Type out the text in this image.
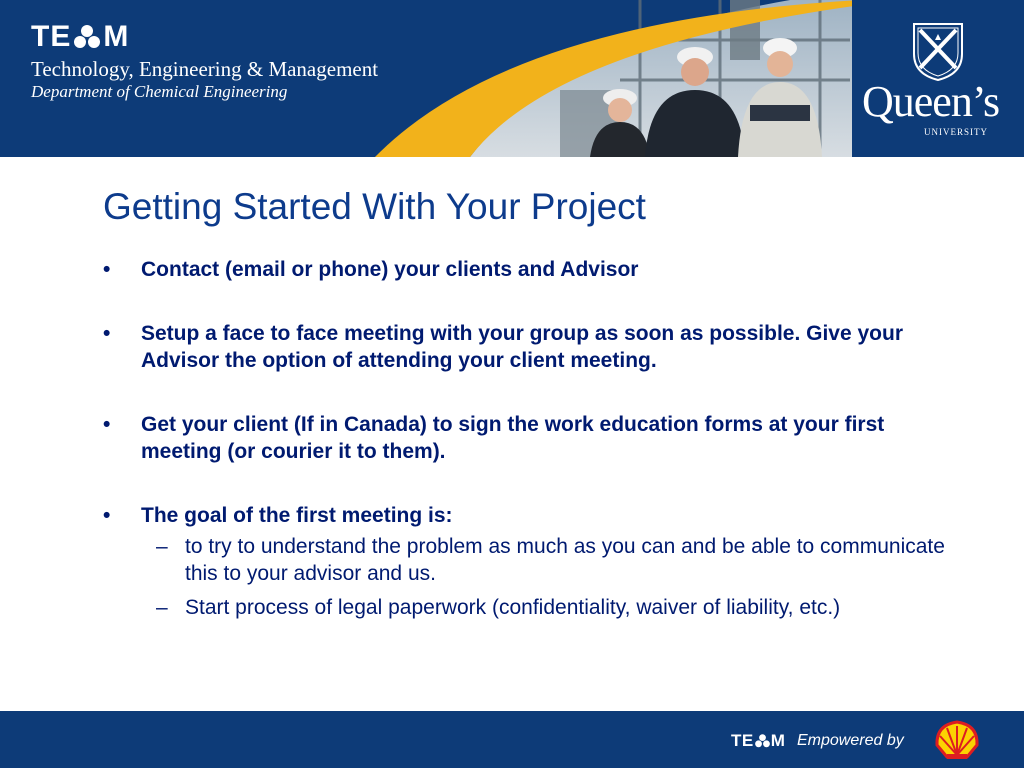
TE M
Technology, Engineering & Management
Department of Chemical Engineering	Queen’s
UNIVERSITY
Getting Started With Your Project
• Contact (email or phone) your clients and Advisor
• Setup a face to face meeting with your group as soon as possible. Give your Advisor the option of attending your client meeting.
• Get your client (If in Canada) to sign the work education forms at your first meeting (or courier it to them).
• The goal of the first meeting is:
– to try to understand the problem as much as you can and be able to communicate this to your advisor and us.
– Start process of legal paperwork (confidentiality, waiver of liability, etc.)
TE M Empowered by
